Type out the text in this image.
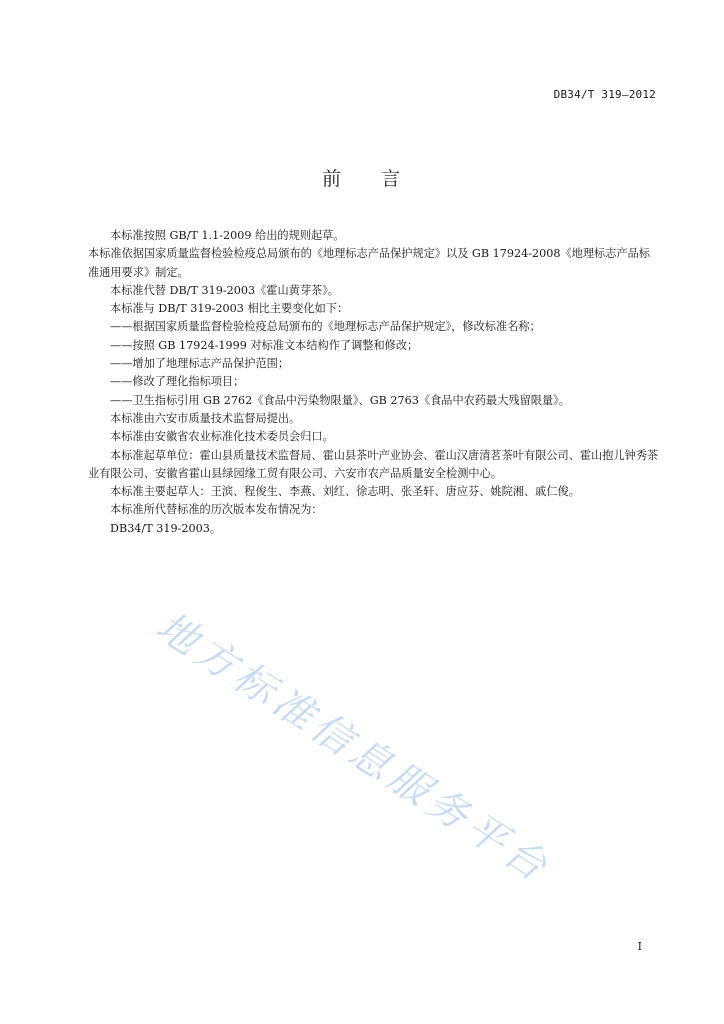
DB34/T 319—2012
前 言

本标准按照 GB/T 1.1-2009 给出的规则起草。

本标准依据国家质量监督检验检疫总局颁布的《地理标志产品保护规定》以及 GB 17924-2008《地理标志产品标准通用要求》制定。

本标准代替 DB/T 319-2003《霍山黄芽茶》。

本标准与 DB/T 319-2003 相比主要变化如下：

——根据国家质量监督检验检疫总局颁布的《地理标志产品保护规定》，修改标准名称；

——按照 GB 17924-1999 对标准文本结构作了调整和修改；

——增加了地理标志产品保护范围；

——修改了理化指标项目；

——卫生指标引用 GB 2762《食品中污染物限量》、GB 2763《食品中农药最大残留限量》。

本标准由六安市质量技术监督局提出。

本标准由安徽省农业标准化技术委员会归口。

本标准起草单位：霍山县质量技术监督局、霍山县茶叶产业协会、霍山汉唐清茗茶叶有限公司、霍山抱儿钟秀茶业有限公司、安徽省霍山县绿园缘工贸有限公司、六安市农产品质量安全检测中心。

本标准主要起草人：王滨、程俊生、李燕、刘红、徐志明、张圣轩、唐应芬、姚院湘、戚仁俊。

本标准所代替标准的历次版本发布情况为：

DB34/T 319-2003。

地方标准信息服务平台
I
